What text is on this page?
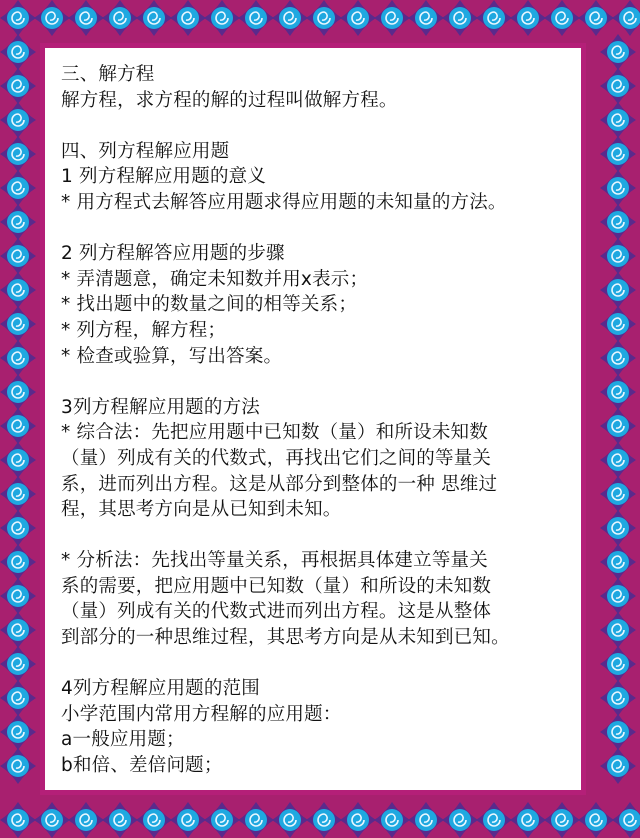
三、解方程
解方程，求方程的解的过程叫做解方程。
四、列方程解应用题
1 列方程解应用题的意义
* 用方程式去解答应用题求得应用题的未知量的方法。
2 列方程解答应用题的步骤
* 弄清题意，确定未知数并用x表示；
* 找出题中的数量之间的相等关系；
* 列方程，解方程；
* 检查或验算，写出答案。
3列方程解应用题的方法
* 综合法：先把应用题中已知数（量）和所设未知数
（量）列成有关的代数式，再找出它们之间的等量关
系，进而列出方程。这是从部分到整体的一种 思维过
程，其思考方向是从已知到未知。
* 分析法：先找出等量关系，再根据具体建立等量关
系的需要，把应用题中已知数（量）和所设的未知数
（量）列成有关的代数式进而列出方程。这是从整体
到部分的一种思维过程，其思考方向是从未知到已知。
4列方程解应用题的范围
小学范围内常用方程解的应用题：
a一般应用题；
b和倍、差倍问题；
